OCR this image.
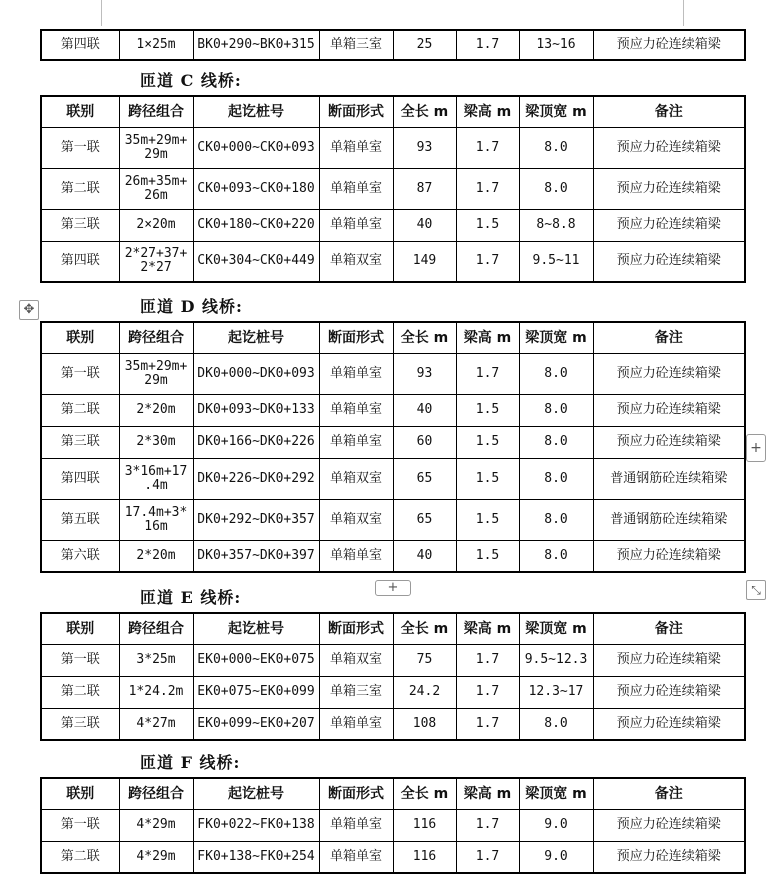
第四联	1×25m	BK0+290~BK0+315	单箱三室	25	1.7	13~16	预应力砼连续箱梁
匝道 C 线桥:
匝道 D 线桥:
匝道 E 线桥:
匝道 F 线桥:
联别	跨径组合	起讫桩号	断面形式	全长 m	梁高 m	梁顶宽 m	备注
第一联	35m+29m+
29m	CK0+000~CK0+093	单箱单室	93	1.7	8.0	预应力砼连续箱梁
第二联	26m+35m+
26m	CK0+093~CK0+180	单箱单室	87	1.7	8.0	预应力砼连续箱梁
第三联	2×20m	CK0+180~CK0+220	单箱单室	40	1.5	8~8.8	预应力砼连续箱梁
第四联	2*27+37+
2*27	CK0+304~CK0+449	单箱双室	149	1.7	9.5~11	预应力砼连续箱梁
联别	跨径组合	起讫桩号	断面形式	全长 m	梁高 m	梁顶宽 m	备注
第一联	35m+29m+
29m	DK0+000~DK0+093	单箱单室	93	1.7	8.0	预应力砼连续箱梁
第二联	2*20m	DK0+093~DK0+133	单箱单室	40	1.5	8.0	预应力砼连续箱梁
第三联	2*30m	DK0+166~DK0+226	单箱单室	60	1.5	8.0	预应力砼连续箱梁
第四联	3*16m+17
.4m	DK0+226~DK0+292	单箱双室	65	1.5	8.0	普通钢筋砼连续箱梁
第五联	17.4m+3*
16m	DK0+292~DK0+357	单箱双室	65	1.5	8.0	普通钢筋砼连续箱梁
第六联	2*20m	DK0+357~DK0+397	单箱单室	40	1.5	8.0	预应力砼连续箱梁
联别	跨径组合	起讫桩号	断面形式	全长 m	梁高 m	梁顶宽 m	备注
第一联	3*25m	EK0+000~EK0+075	单箱双室	75	1.7	9.5~12.3	预应力砼连续箱梁
第二联	1*24.2m	EK0+075~EK0+099	单箱三室	24.2	1.7	12.3~17	预应力砼连续箱梁
第三联	4*27m	EK0+099~EK0+207	单箱单室	108	1.7	8.0	预应力砼连续箱梁
联别	跨径组合	起讫桩号	断面形式	全长 m	梁高 m	梁顶宽 m	备注
第一联	4*29m	FK0+022~FK0+138	单箱单室	116	1.7	9.0	预应力砼连续箱梁
第二联	4*29m	FK0+138~FK0+254	单箱单室	116	1.7	9.0	预应力砼连续箱梁
✥
+
+
⤡
